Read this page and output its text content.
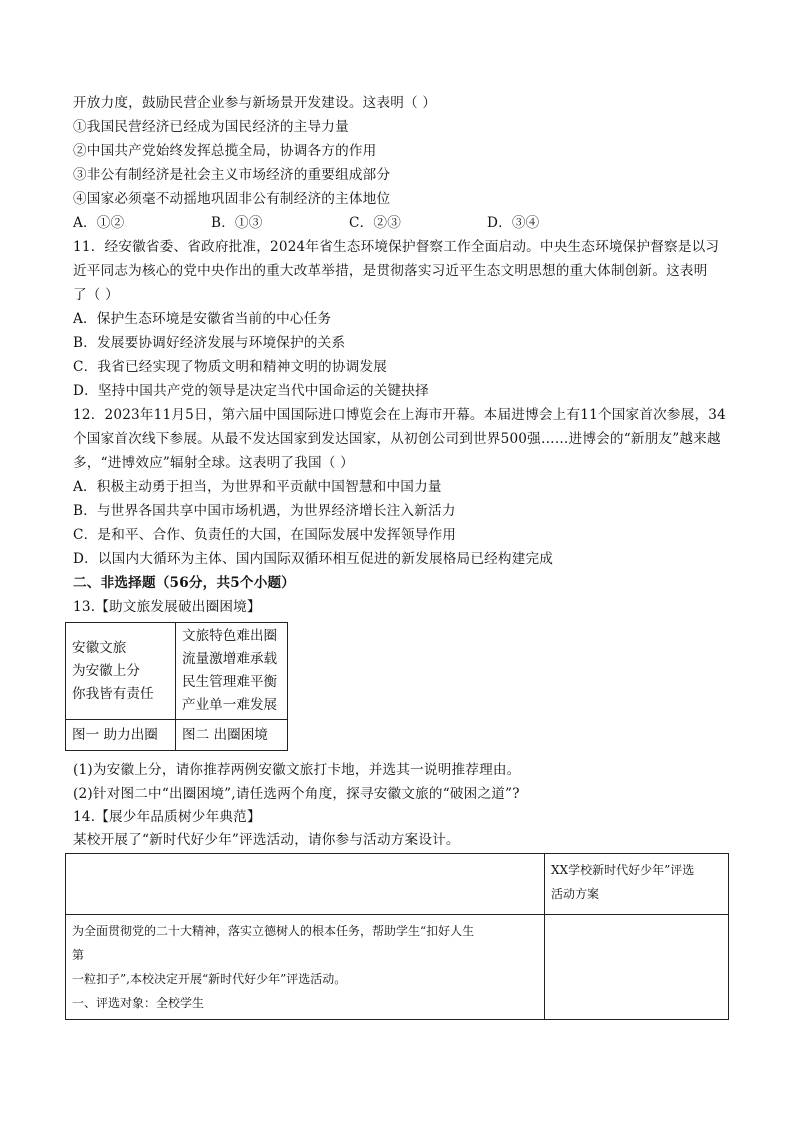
开放力度，鼓励民营企业参与新场景开发建设。这表明（ ）
①我国民营经济已经成为国民经济的主导力量
②中国共产党始终发挥总揽全局，协调各方的作用
③非公有制经济是社会主义市场经济的重要组成部分
④国家必须毫不动摇地巩固非公有制经济的主体地位
A．①②	B．①③	C．②③	D．③④
11．经安徽省委、省政府批准，2024年省生态环境保护督察工作全面启动。中央生态环境保护督察是以习
近平同志为核心的党中央作出的重大改革举措，是贯彻落实习近平生态文明思想的重大体制创新。这表明
了（ ）
A．保护生态环境是安徽省当前的中心任务
B．发展要协调好经济发展与环境保护的关系
C．我省已经实现了物质文明和精神文明的协调发展
D．坚持中国共产党的领导是决定当代中国命运的关键抉择
12．2023年11月5日，第六届中国国际进口博览会在上海市开幕。本届进博会上有11个国家首次参展，34
个国家首次线下参展。从最不发达国家到发达国家，从初创公司到世界500强……进博会的“新朋友”越来越
多，“进博效应”辐射全球。这表明了我国（ ）
A．积极主动勇于担当，为世界和平贡献中国智慧和中国力量
B．与世界各国共享中国市场机遇，为世界经济增长注入新活力
C．是和平、合作、负责任的大国，在国际发展中发挥领导作用
D．以国内大循环为主体、国内国际双循环相互促进的新发展格局已经构建完成
二、非选择题（56分，共5个小题）
13.【助文旅发展破出圈困境】
安徽文旅
为安徽上分
你我皆有责任	文旅特色难出圈
流量激增难承载
民生管理难平衡
产业单一难发展

图一 助力出圈	图二 出圈困境
(1)为安徽上分，请你推荐两例安徽文旅打卡地，并选其一说明推荐理由。
(2)针对图二中“出圈困境”,请任选两个角度，探寻安徽文旅的“破困之道”?
14.【展少年品质树少年典范】
某校开展了“新时代好少年”评选活动，请你参与活动方案设计。

	XX学校新时代好少年”评选
活动方案

为全面贯彻党的二十大精神，落实立德树人的根本任务，帮助学生“扣好人生
第
一粒扣子”,本校决定开展“新时代好少年”评选活动。
一、评选对象：全校学生	
